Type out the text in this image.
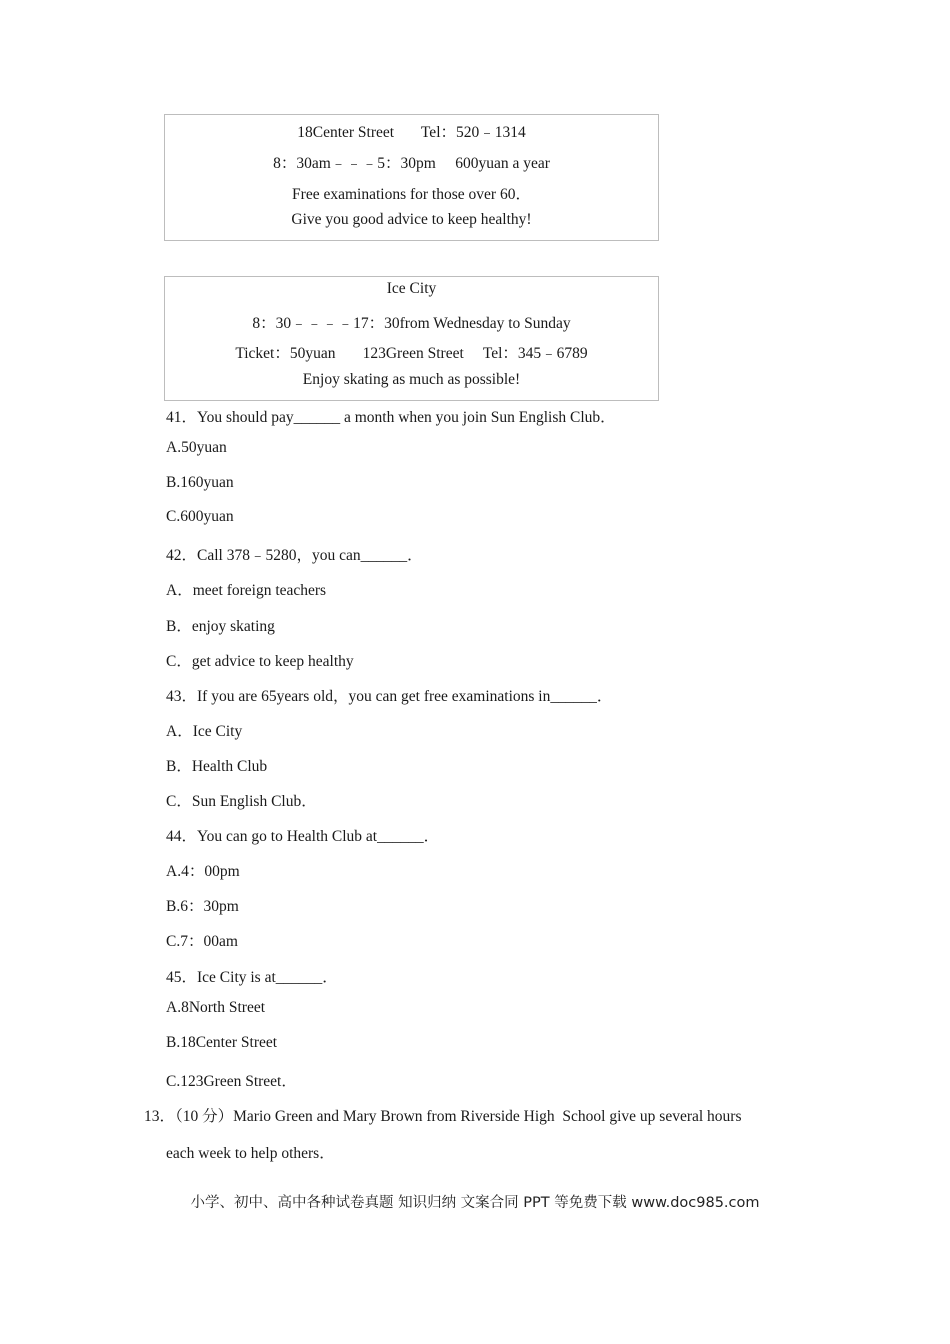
18Center Street       Tel：520﹣1314
8：30am﹣﹣﹣5：30pm     600yuan a year
Free examinations for those over 60．
Give you good advice to keep healthy!
Ice City
8：30﹣﹣﹣﹣17：30from Wednesday to Sunday
Ticket：50yuan       123Green Street     Tel：345﹣6789
Enjoy skating as much as possible!
41．You should pay______ a month when you join Sun English Club．
A.50yuan
B.160yuan
C.600yuan
42．Call 378﹣5280，you can______．
A．meet foreign teachers
B．enjoy skating
C．get advice to keep healthy
43．If you are 65years old，you can get free examinations in______．
A．Ice City
B．Health Club
C．Sun English Club．
44．You can go to Health Club at______．
A.4：00pm
B.6：30pm
C.7：00am
45．Ice City is at______．
A.8North Street
B.18Center Street
C.123Green Street．
13．（10 分）Mario Green and Mary Brown from Riverside High  School give up several hours
each week to help others．
小学、初中、高中各种试卷真题 知识归纳 文案合同 PPT 等免费下载 www.doc985.com
